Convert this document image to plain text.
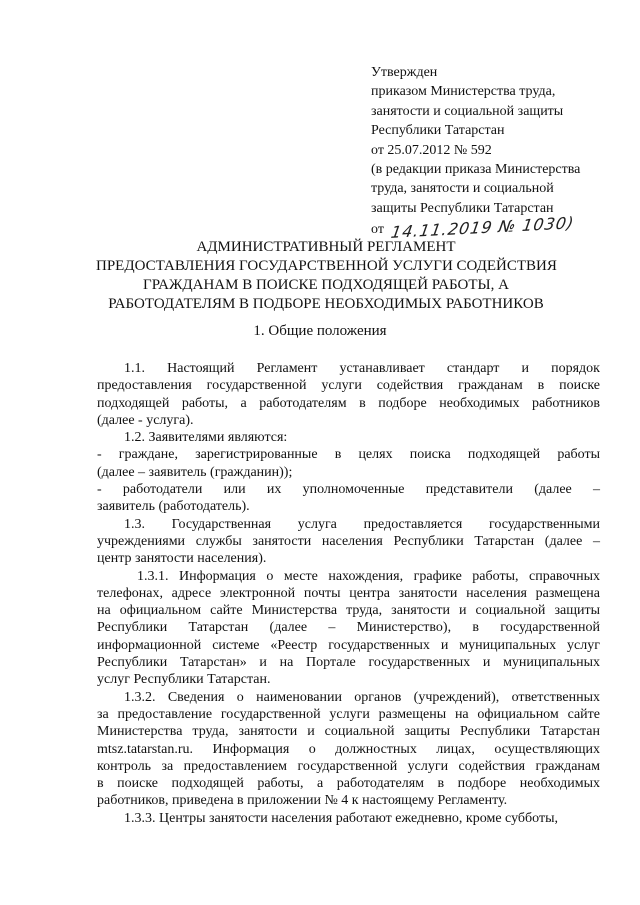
Утвержден
приказом Министерства труда,
занятости и социальной защиты
Республики Татарстан
от 25.07.2012 № 592
(в редакции приказа Министерства
труда, занятости и социальной
защиты Республики Татарстан
от 14.11.2019 № 1030)
АДМИНИСТРАТИВНЫЙ РЕГЛАМЕНТ
ПРЕДОСТАВЛЕНИЯ ГОСУДАРСТВЕННОЙ УСЛУГИ СОДЕЙСТВИЯ
ГРАЖДАНАМ В ПОИСКЕ ПОДХОДЯЩЕЙ РАБОТЫ, А
РАБОТОДАТЕЛЯМ В ПОДБОРЕ НЕОБХОДИМЫХ РАБОТНИКОВ
1. Общие положения

1.1. Настоящий Регламент устанавливает стандарт и порядок
предоставления государственной услуги содействия гражданам в поиске
подходящей работы, а работодателям в подборе необходимых работников
(далее - услуга).

1.2. Заявителями являются:

- граждане, зарегистрированные в целях поиска подходящей работы
(далее – заявитель (гражданин));

- работодатели или их уполномоченные представители (далее –
заявитель (работодатель).

1.3. Государственная услуга предоставляется государственными
учреждениями службы занятости населения Республики Татарстан (далее –
центр занятости населения).

1.3.1. Информация о месте нахождения, графике работы, справочных
телефонах, адресе электронной почты центра занятости населения размещена
на официальном сайте Министерства труда, занятости и социальной защиты
Республики Татарстан (далее – Министерство), в государственной
информационной системе «Реестр государственных и муниципальных услуг
Республики Татарстан» и на Портале государственных и муниципальных
услуг Республики Татарстан.

1.3.2. Сведения о наименовании органов (учреждений), ответственных
за предоставление государственной услуги размещены на официальном сайте
Министерства труда, занятости и социальной защиты Республики Татарстан
mtsz.tatarstan.ru. Информация о должностных лицах, осуществляющих
контроль за предоставлением государственной услуги содействия гражданам
в поиске подходящей работы, а работодателям в подборе необходимых
работников, приведена в приложении № 4 к настоящему Регламенту.

1.3.3. Центры занятости населения работают ежедневно, кроме субботы,
